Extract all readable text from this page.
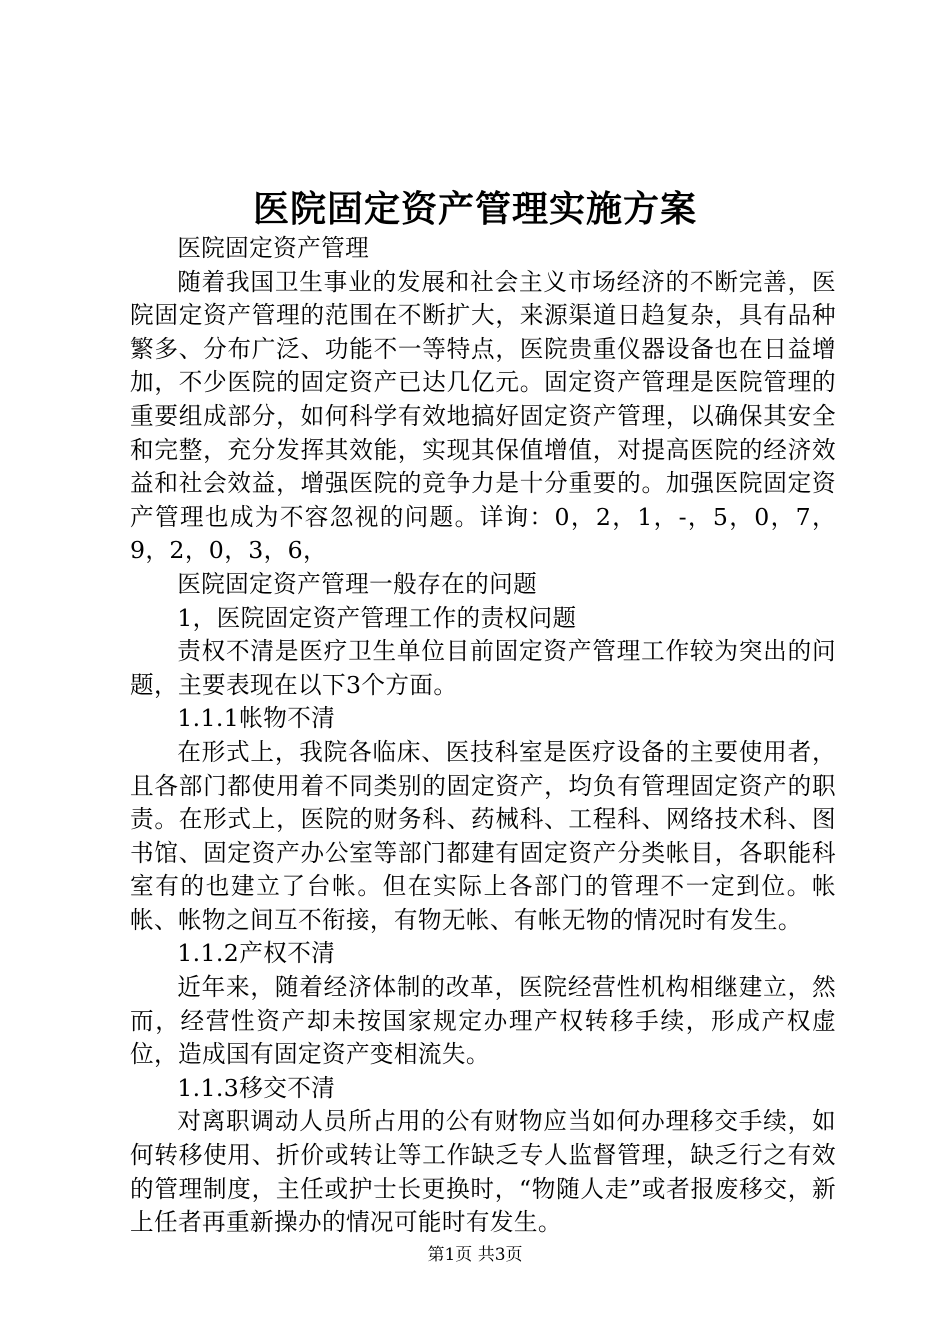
医院固定资产管理实施方案

医院固定资产管理

随着我国卫生事业的发展和社会主义市场经济的不断完善，医院固定资产管理的范围在不断扩大，来源渠道日趋复杂，具有品种繁多、分布广泛、功能不一等特点，医院贵重仪器设备也在日益增加，不少医院的固定资产已达几亿元。固定资产管理是医院管理的重要组成部分，如何科学有效地搞好固定资产管理，以确保其安全和完整，充分发挥其效能，实现其保值增值，对提高医院的经济效益和社会效益，增强医院的竞争力是十分重要的。加强医院固定资产管理也成为不容忽视的问题。详询：0，2，1，-，5，0，7，9，2，0，3，6，

医院固定资产管理一般存在的问题

1，医院固定资产管理工作的责权问题

责权不清是医疗卫生单位目前固定资产管理工作较为突出的问题，主要表现在以下3个方面。

1.1.1帐物不清

在形式上，我院各临床、医技科室是医疗设备的主要使用者，且各部门都使用着不同类别的固定资产，均负有管理固定资产的职责。在形式上，医院的财务科、药械科、工程科、网络技术科、图书馆、固定资产办公室等部门都建有固定资产分类帐目，各职能科室有的也建立了台帐。但在实际上各部门的管理不一定到位。帐帐、帐物之间互不衔接，有物无帐、有帐无物的情况时有发生。

1.1.2产权不清

近年来，随着经济体制的改革，医院经营性机构相继建立，然而，经营性资产却未按国家规定办理产权转移手续，形成产权虚位，造成国有固定资产变相流失。

1.1.3移交不清

对离职调动人员所占用的公有财物应当如何办理移交手续，如何转移使用、折价或转让等工作缺乏专人监督管理，缺乏行之有效的管理制度，主任或护士长更换时，“物随人走”或者报废移交，新上任者再重新操办的情况可能时有发生。

第1页 共3页
